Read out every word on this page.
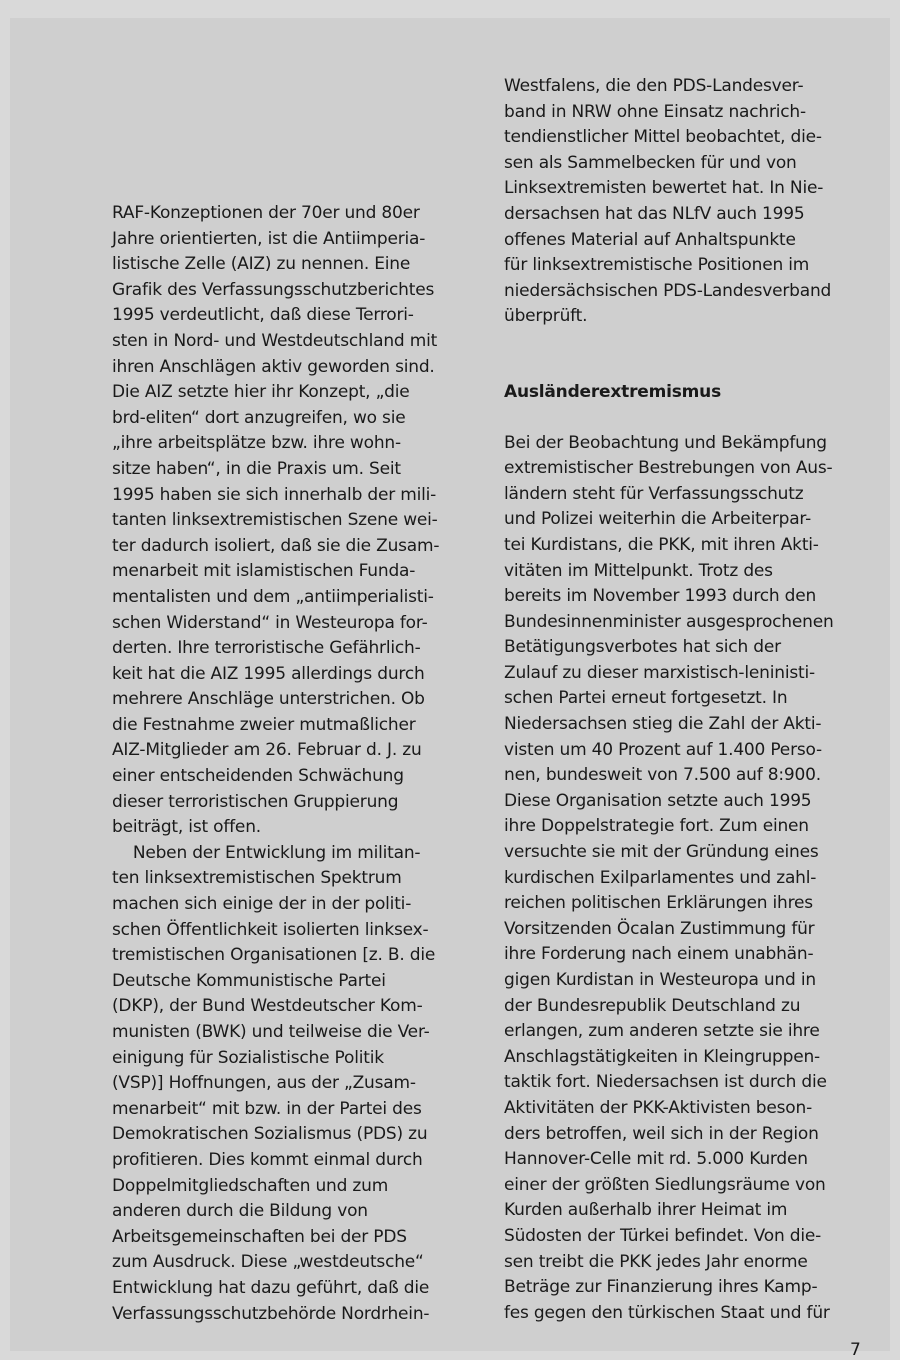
RAF-Konzeptionen der 70er und 80er
Jahre orientierten, ist die Antiimperia-
listische Zelle (AIZ) zu nennen. Eine
Grafik des Verfassungsschutzberichtes
1995 verdeutlicht, daß diese Terrori-
sten in Nord- und Westdeutschland mit
ihren Anschlägen aktiv geworden sind.
Die AIZ setzte hier ihr Konzept, „die
brd-eliten“ dort anzugreifen, wo sie
„ihre arbeitsplätze bzw. ihre wohn-
sitze haben“, in die Praxis um. Seit
1995 haben sie sich innerhalb der mili-
tanten linksextremistischen Szene wei-
ter dadurch isoliert, daß sie die Zusam-
menarbeit mit islamistischen Funda-
mentalisten und dem „antiimperialisti-
schen Widerstand“ in Westeuropa for-
derten. Ihre terroristische Gefährlich-
keit hat die AIZ 1995 allerdings durch
mehrere Anschläge unterstrichen. Ob
die Festnahme zweier mutmaßlicher
AIZ-Mitglieder am 26. Februar d. J. zu
einer entscheidenden Schwächung
dieser terroristischen Gruppierung
beiträgt, ist offen.
Neben der Entwicklung im militan-
ten linksextremistischen Spektrum
machen sich einige der in der politi-
schen Öffentlichkeit isolierten linksex-
tremistischen Organisationen [z. B. die
Deutsche Kommunistische Partei
(DKP), der Bund Westdeutscher Kom-
munisten (BWK) und teilweise die Ver-
einigung für Sozialistische Politik
(VSP)] Hoffnungen, aus der „Zusam-
menarbeit“ mit bzw. in der Partei des
Demokratischen Sozialismus (PDS) zu
profitieren. Dies kommt einmal durch
Doppelmitgliedschaften und zum
anderen durch die Bildung von
Arbeitsgemeinschaften bei der PDS
zum Ausdruck. Diese „westdeutsche“
Entwicklung hat dazu geführt, daß die
Verfassungsschutzbehörde Nordrhein-
Westfalens, die den PDS-Landesver-
band in NRW ohne Einsatz nachrich-
tendienstlicher Mittel beobachtet, die-
sen als Sammelbecken für und von
Linksextremisten bewertet hat. In Nie-
dersachsen hat das NLfV auch 1995
offenes Material auf Anhaltspunkte
für linksextremistische Positionen im
niedersächsischen PDS-Landesverband
überprüft.
Ausländerextremismus
Bei der Beobachtung und Bekämpfung
extremistischer Bestrebungen von Aus-
ländern steht für Verfassungsschutz
und Polizei weiterhin die Arbeiterpar-
tei Kurdistans, die PKK, mit ihren Akti-
vitäten im Mittelpunkt. Trotz des
bereits im November 1993 durch den
Bundesinnenminister ausgesprochenen
Betätigungsverbotes hat sich der
Zulauf zu dieser marxistisch-leninisti-
schen Partei erneut fortgesetzt. In
Niedersachsen stieg die Zahl der Akti-
visten um 40 Prozent auf 1.400 Perso-
nen, bundesweit von 7.500 auf 8:900.
Diese Organisation setzte auch 1995
ihre Doppelstrategie fort. Zum einen
versuchte sie mit der Gründung eines
kurdischen Exilparlamentes und zahl-
reichen politischen Erklärungen ihres
Vorsitzenden Öcalan Zustimmung für
ihre Forderung nach einem unabhän-
gigen Kurdistan in Westeuropa und in
der Bundesrepublik Deutschland zu
erlangen, zum anderen setzte sie ihre
Anschlagstätigkeiten in Kleingruppen-
taktik fort. Niedersachsen ist durch die
Aktivitäten der PKK-Aktivisten beson-
ders betroffen, weil sich in der Region
Hannover-Celle mit rd. 5.000 Kurden
einer der größten Siedlungsräume von
Kurden außerhalb ihrer Heimat im
Südosten der Türkei befindet. Von die-
sen treibt die PKK jedes Jahr enorme
Beträge zur Finanzierung ihres Kamp-
fes gegen den türkischen Staat und für
7
